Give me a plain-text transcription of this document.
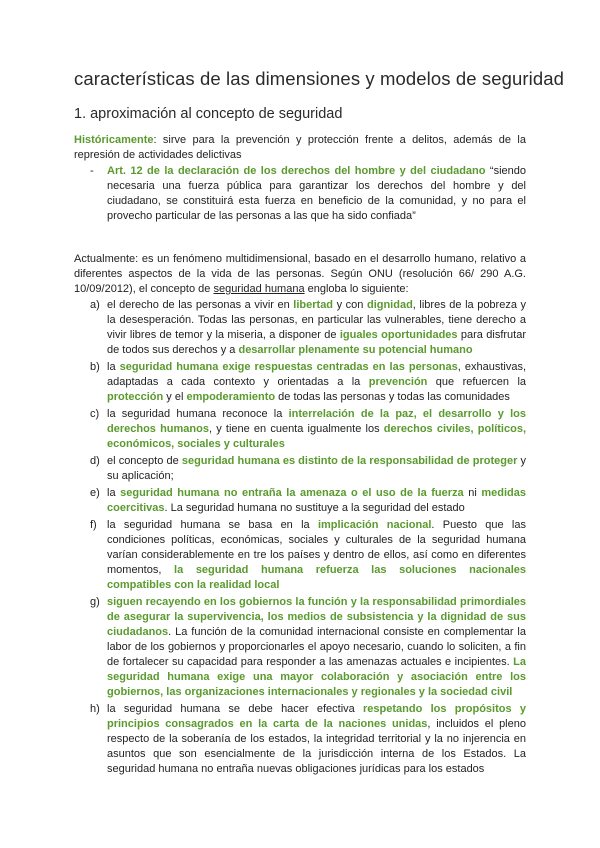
características de las dimensiones y modelos de seguridad
1. aproximación al concepto de seguridad

Históricamente: sirve para la prevención y protección frente a delitos, además de la represión de actividades delictivas

- Art. 12 de la declaración de los derechos del hombre y del ciudadano “siendo necesaria una fuerza pública para garantizar los derechos del hombre y del ciudadano, se constituirá esta fuerza en beneficio de la comunidad, y no para el provecho particular de las personas a las que ha sido confiada”

Actualmente: es un fenómeno multidimensional, basado en el desarrollo humano, relativo a diferentes aspectos de la vida de las personas. Según ONU (resolución 66/ 290 A.G. 10/09/2012), el concepto de seguridad humana engloba lo siguiente:

a) el derecho de las personas a vivir en libertad y con dignidad, libres de la pobreza y la desesperación. Todas las personas, en particular las vulnerables, tiene derecho a vivir libres de temor y la miseria, a disponer de iguales oportunidades para disfrutar de todos sus derechos y a desarrollar plenamente su potencial humano
b) la seguridad humana exige respuestas centradas en las personas, exhaustivas, adaptadas a cada contexto y orientadas a la prevención que refuercen la protección y el empoderamiento de todas las personas y todas las comunidades
c) la seguridad humana reconoce la interrelación de la paz, el desarrollo y los derechos humanos, y tiene en cuenta igualmente los derechos civiles, políticos, económicos, sociales y culturales
d) el concepto de seguridad humana es distinto de la responsabilidad de proteger y su aplicación;
e) la seguridad humana no entraña la amenaza o el uso de la fuerza ni medidas coercitivas. La seguridad humana no sustituye a la seguridad del estado
f) la seguridad humana se basa en la implicación nacional. Puesto que las condiciones políticas, económicas, sociales y culturales de la seguridad humana varían considerablemente en tre los países y dentro de ellos, así como en diferentes momentos, la seguridad humana refuerza las soluciones nacionales compatibles con la realidad local
g) siguen recayendo en los gobiernos la función y la responsabilidad primordiales de asegurar la supervivencia, los medios de subsistencia y la dignidad de sus ciudadanos. La función de la comunidad internacional consiste en complementar la labor de los gobiernos y proporcionarles el apoyo necesario, cuando lo soliciten, a fin de fortalecer su capacidad para responder a las amenazas actuales e incipientes. La seguridad humana exige una mayor colaboración y asociación entre los gobiernos, las organizaciones internacionales y regionales y la sociedad civil
h) la seguridad humana se debe hacer efectiva respetando los propósitos y principios consagrados en la carta de la naciones unidas, incluidos el pleno respecto de la soberanía de los estados, la integridad territorial y la no injerencia en asuntos que son esencialmente de la jurisdicción interna de los Estados. La seguridad humana no entraña nuevas obligaciones jurídicas para los estados
